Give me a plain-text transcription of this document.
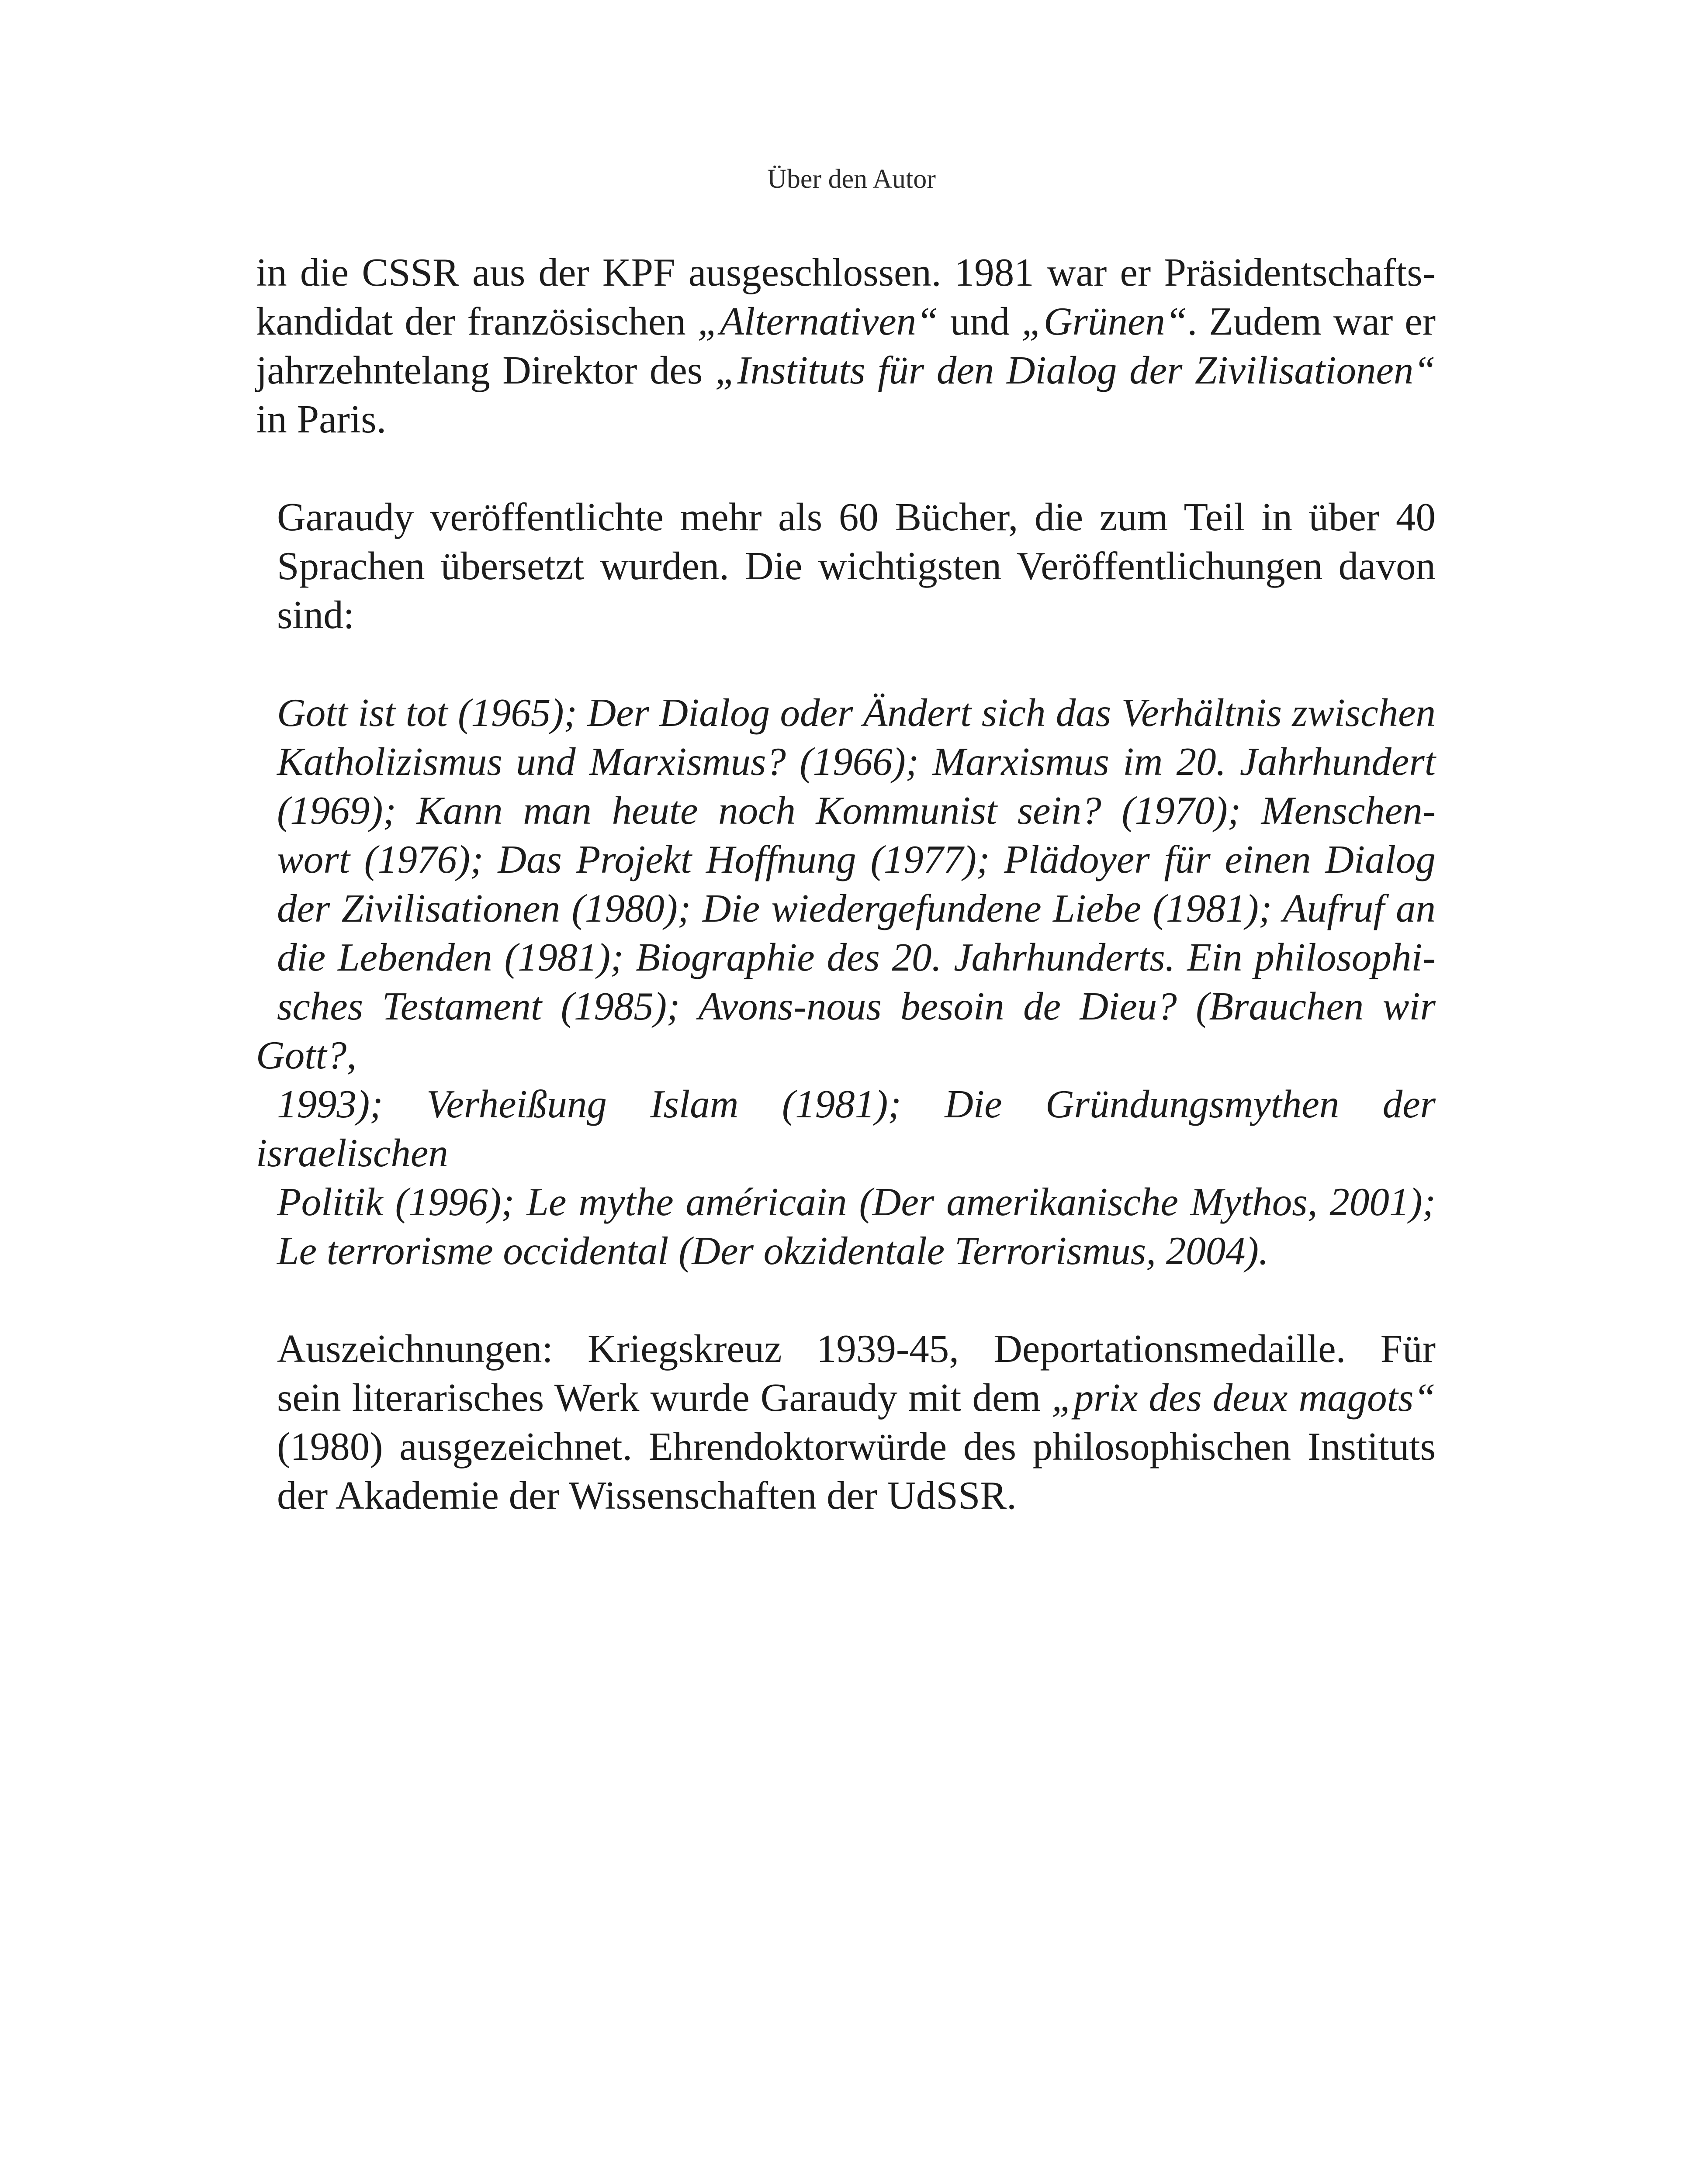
Über den Autor

in die CSSR aus der KPF ausgeschlossen. 1981 war er Präsidentschafts-
kandidat der französischen „Alternativen“ und „Grünen“. Zudem war er
jahrzehntelang Direktor des „Instituts für den Dialog der Zivilisationen“
in Paris.

Garaudy veröffentlichte mehr als 60 Bücher, die zum Teil in über 40
Sprachen übersetzt wurden. Die wichtigsten Veröffentlichungen davon
sind:

Gott ist tot (1965); Der Dialog oder Ändert sich das Verhältnis zwischen
Katholizismus und Marxismus? (1966); Marxismus im 20. Jahrhundert
(1969); Kann man heute noch Kommunist sein? (1970); Menschen-
wort (1976); Das Projekt Hoffnung (1977); Plädoyer für einen Dialog
der Zivilisationen (1980); Die wiedergefundene Liebe (1981); Aufruf an
die Lebenden (1981); Biographie des 20. Jahrhunderts. Ein philosophi-
sches Testament (1985); Avons-nous besoin de Dieu? (Brauchen wir Gott?,
1993); Verheißung Islam (1981); Die Gründungsmythen der israelischen
Politik (1996); Le mythe américain (Der amerikanische Mythos, 2001);
Le terrorisme occidental (Der okzidentale Terrorismus, 2004).

Auszeichnungen: Kriegskreuz 1939-45, Deportationsmedaille. Für
sein literarisches Werk wurde Garaudy mit dem „prix des deux magots“
(1980) ausgezeichnet. Ehrendoktorwürde des philosophischen Instituts
der Akademie der Wissenschaften der UdSSR.
